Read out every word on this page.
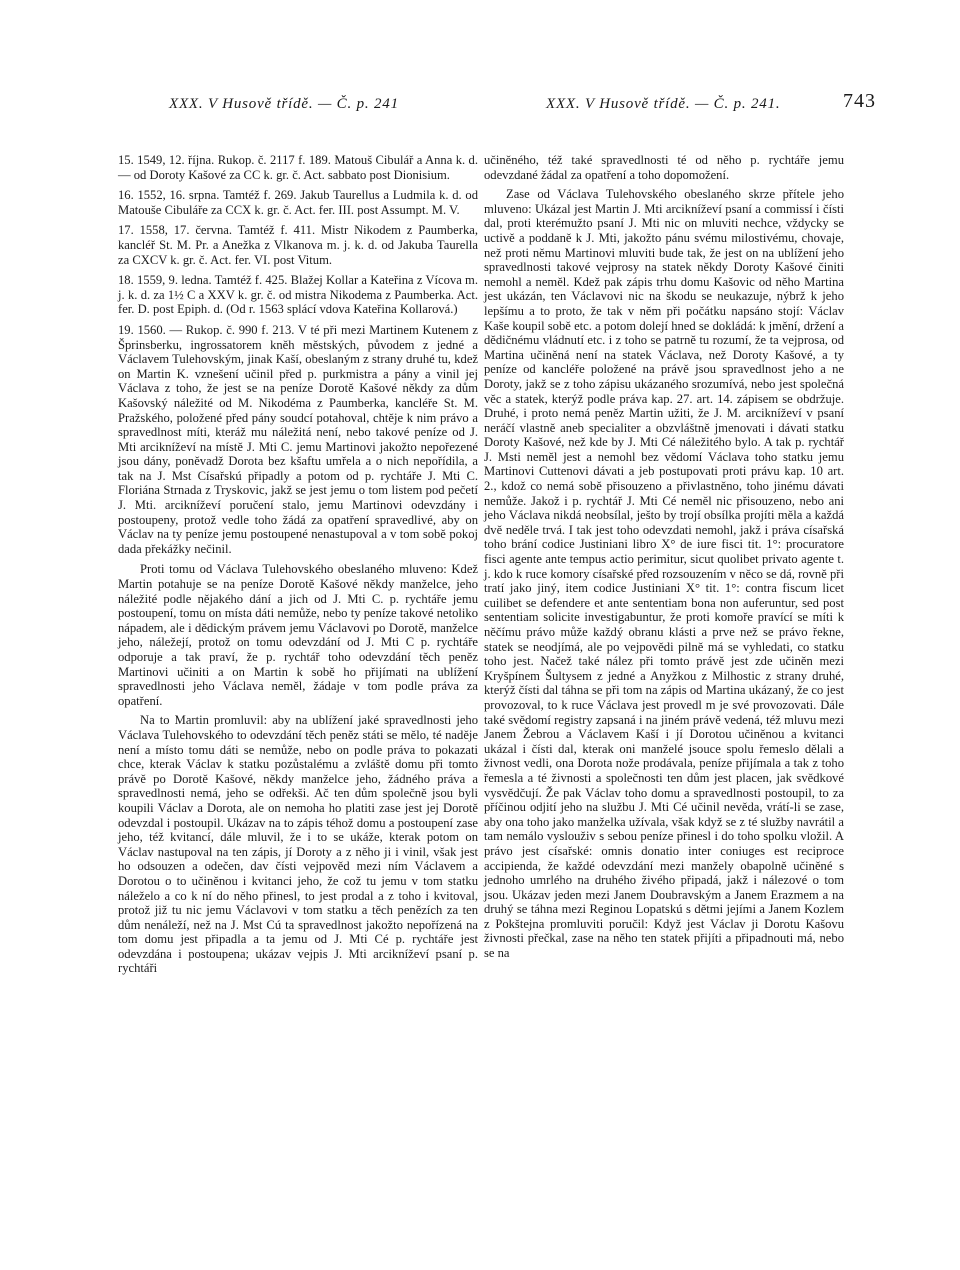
XXX. V Husově třídě. — Č. p. 241	XXX. V Husově třídě. — Č. p. 241.	743

15. 1549, 12. října. Rukop. č. 2117 f. 189. Matouš Cibulář a Anna k. d. — od Doroty Kašové za CC k. gr. č. Act. sabbato post Dionisium.

16. 1552, 16. srpna. Tamtéž f. 269. Jakub Taurellus a Ludmila k. d. od Matouše Cibuláře za CCX k. gr. č. Act. fer. III. post Assumpt. M. V.

17. 1558, 17. června. Tamtéž f. 411. Mistr Nikodem z Paumberka, kancléř St. M. Pr. a Anežka z Vlkanova m. j. k. d. od Jakuba Taurella za CXCV k. gr. č. Act. fer. VI. post Vitum.

18. 1559, 9. ledna. Tamtéž f. 425. Blažej Kollar a Kateřina z Vícova m. j. k. d. za 1½ C a XXV k. gr. č. od mistra Nikodema z Paumberka. Act. fer. D. post Epiph. d. (Od r. 1563 splácí vdova Kateřina Kollarová.)

19. 1560. — Rukop. č. 990 f. 213. V té při mezi Martinem Kutenem z Šprinsberku, ingrossatorem kněh městských, původem z jedné a Václavem Tulehovským, jinak Kaší, obeslaným z strany druhé tu, kdež on Martin K. vznešení učinil před p. purkmistra a pány a vinil jej Václava z toho, že jest se na peníze Dorotě Kašové někdy za dům Kašovský náležité od M. Nikodéma z Paumberka, kancléře St. M. Pražského, položené před pány soudcí potahoval, chtěje k nim právo a spravedlnost míti, kteráž mu náležitá není, nebo takové peníze od J. Mti arcikníževí na místě J. Mti C. jemu Martinovi jakožto nepořezené jsou dány, poněvadž Dorota bez kšaftu umřela a o nich nepořídila, a tak na J. Mst Císařskú připadly a potom od p. rychtáře J. Mti C. Floriána Strnada z Tryskovic, jakž se jest jemu o tom listem pod pečetí J. Mti. arcikníževí poručení stalo, jemu Martinovi odevzdány i postoupeny, protož vedle toho žádá za opatření spravedlivé, aby on Václav na ty peníze jemu postoupené nenastupoval a v tom sobě pokoj dada překážky nečinil.

Proti tomu od Václava Tulehovského obeslaného mluveno: Kdež Martin potahuje se na peníze Dorotě Kašové někdy manželce, jeho náležité podle nějakého dání a jich od J. Mti C. p. rychtáře jemu postoupení, tomu on místa dáti nemůže, nebo ty peníze takové netoliko nápadem, ale i dědickým právem jemu Václavovi po Dorotě, manželce jeho, náležejí, protož on tomu odevzdání od J. Mti C p. rychtáře odporuje a tak praví, že p. rychtář toho odevzdání těch peněz Martinovi učiniti a on Martin k sobě ho přijímati na ublížení spravedlnosti jeho Václava neměl, žádaje v tom podle práva za opatření.

Na to Martin promluvil: aby na ublížení jaké spravedlnosti jeho Václava Tulehovského to odevzdání těch peněz státi se mělo, té naděje není a místo tomu dáti se nemůže, nebo on podle práva to pokazati chce, kterak Václav k statku pozůstalému a zvláště domu při tomto právě po Dorotě Kašové, někdy manželce jeho, žádného práva a spravedlnosti nemá, jeho se odřekši. Ač ten dům společně jsou byli koupili Václav a Dorota, ale on nemoha ho platiti zase jest jej Dorotě odevzdal i postoupil. Ukázav na to zápis téhož domu a postoupení zase jeho, též kvitancí, dále mluvil, že i to se ukáže, kterak potom on Václav nastupoval na ten zápis, jí Doroty a z něho ji i vinil, však jest ho odsouzen a odečen, dav čísti vejpověd mezi ním Václavem a Dorotou o to učiněnou i kvitanci jeho, že což tu jemu v tom statku náleželo a co k ní do něho přinesl, to jest prodal a z toho i kvitoval, protož již tu nic jemu Václavovi v tom statku a těch penězích za ten dům nenáleží, než na J. Mst Cú ta spravedlnost jakožto nepořízená na tom domu jest připadla a ta jemu od J. Mti Cé p. rychtáře jest odevzdána i postoupena; ukázav vejpis J. Mti arcikníževí psaní p. rychtáři

učiněného, též také spravedlnosti té od něho p. rychtáře jemu odevzdané žádal za opatření a toho dopomožení.

Zase od Václava Tulehovského obeslaného skrze přítele jeho mluveno: Ukázal jest Martin J. Mti arcikníževí psaní a commissí i čísti dal, proti kterémužto psaní J. Mti nic on mluviti nechce, vždycky se uctivě a poddaně k J. Mti, jakožto pánu svému milostivému, chovaje, než proti němu Martinovi mluviti bude tak, že jest on na ublížení jeho spravedlnosti takové vejprosy na statek někdy Doroty Kašové činiti nemohl a neměl. Kdež pak zápis trhu domu Kašovic od něho Martina jest ukázán, ten Václavovi nic na škodu se neukazuje, nýbrž k jeho lepšímu a to proto, že tak v něm při počátku napsáno stojí: Václav Kaše koupil sobě etc. a potom dolejí hned se dokládá: k jmění, držení a dědičnému vládnutí etc. i z toho se patrně tu rozumí, že ta vejprosa, od Martina učiněná není na statek Václava, než Doroty Kašové, a ty peníze od kancléře položené na právě jsou spravedlnost jeho a ne Doroty, jakž se z toho zápisu ukázaného srozumívá, nebo jest společná věc a statek, kterýž podle práva kap. 27. art. 14. zápisem se obdržuje. Druhé, i proto nemá peněz Martin užiti, že J. M. arcikníževí v psaní neráčí vlastně aneb specialiter a obzvláštně jmenovati i dávati statku Doroty Kašové, než kde by J. Mti Cé náležitého bylo. A tak p. rychtář J. Msti neměl jest a nemohl bez vědomí Václava toho statku jemu Martinovi Cuttenovi dávati a jeb postupovati proti právu kap. 10 art. 2., kdož co nemá sobě přisouzeno a přivlastněno, toho jinému dávati nemůže. Jakož i p. rychtář J. Mti Cé neměl nic přisouzeno, nebo ani jeho Václava nikdá neobsílal, ješto by trojí obsílka projíti měla a každá dvě neděle trvá. I tak jest toho odevzdati nemohl, jakž i práva císařská toho brání codice Justiniani libro X° de iure fisci tit. 1°: procuratore fisci agente ante tempus actio perimitur, sicut quolibet privato agente t. j. kdo k ruce komory císařské před rozsouzením v něco se dá, rovně při tratí jako jiný, item codice Justiniani X° tit. 1°: contra fiscum licet cuilibet se defendere et ante sententiam bona non auferuntur, sed post sententiam solicite investigabuntur, že proti komoře pravící se míti k něčímu právo může každý obranu klásti a prve než se právo řekne, statek se neodjímá, ale po vejpovědi pilně má se vyhledati, co statku toho jest. Načež také nález při tomto právě jest zde učiněn mezi Kryšpínem Šultysem z jedné a Anyžkou z Milhostic z strany druhé, kterýž čísti dal táhna se při tom na zápis od Martina ukázaný, že co jest provozoval, to k ruce Václava jest provedl m je své provozovati. Dále také svědomí registry zapsaná i na jiném právě vedená, též mluvu mezi Janem Žebrou a Václavem Kaší i jí Dorotou učiněnou a kvitanci ukázal i čísti dal, kterak oni manželé jsouce spolu řemeslo dělali a živnost vedli, ona Dorota nože prodávala, peníze přijímala a tak z toho řemesla a té živnosti a společnosti ten dům jest placen, jak svědkové vysvědčují. Že pak Václav toho domu a spravedlnosti postoupil, to za příčinou odjití jeho na službu J. Mti Cé učinil nevěda, vrátí-li se zase, aby ona toho jako manželka užívala, však když se z té služby navrátil a tam nemálo vyslouživ s sebou peníze přinesl i do toho spolku vložil. A právo jest císařské: omnis donatio inter coniuges est reciproce accipienda, že každé odevzdání mezi manžely obapolně učiněné s jednoho umrlého na druhého živého připadá, jakž i nálezové o tom jsou. Ukázav jeden mezi Janem Doubravským a Janem Erazmem a na druhý se táhna mezi Reginou Lopatskú s dětmi jejími a Janem Kozlem z Pokštejna promluviti poručil: Když jest Václav ji Dorotu Kašovu živnosti přečkal, zase na něho ten statek přijíti a připadnouti má, nebo se na
